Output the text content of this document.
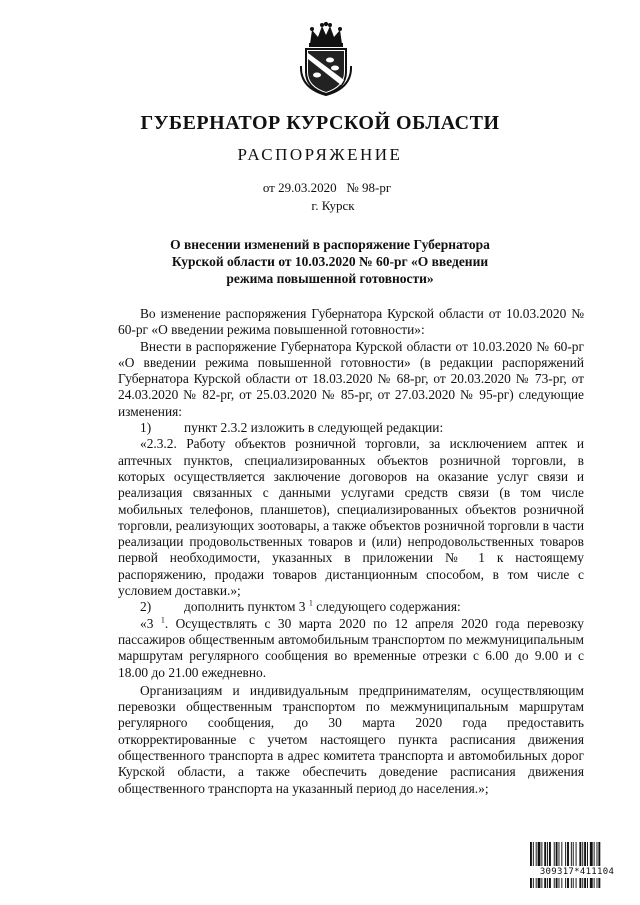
ГУБЕРНАТОР КУРСКОЙ ОБЛАСТИ
РАСПОРЯЖЕНИЕ
от 29.03.2020   № 98-рг
г. Курск
О внесении изменений в распоряжение Губернатора
Курской области от 10.03.2020 № 60-рг «О введении
режима повышенной готовности»

Во изменение распоряжения Губернатора Курской области от 10.03.2020 № 60-рг «О введении режима повышенной готовности»:

Внести в распоряжение Губернатора Курской области от 10.03.2020 № 60-рг «О введении режима повышенной готовности» (в редакции распоряжений Губернатора Курской области от 18.03.2020 № 68-рг, от 20.03.2020 № 73-рг, от 24.03.2020 № 82-рг, от 25.03.2020 № 85-рг, от 27.03.2020 № 95-рг) следующие изменения:

1) пункт 2.3.2 изложить в следующей редакции:

«2.3.2. Работу объектов розничной торговли, за исключением аптек и аптечных пунктов, специализированных объектов розничной торговли, в которых осуществляется заключение договоров на оказание услуг связи и реализация связанных с данными услугами средств связи (в том числе мобильных телефонов, планшетов), специализированных объектов розничной торговли, реализующих зоотовары, а также объектов розничной торговли в части реализации продовольственных товаров и (или) непродовольственных товаров первой необходимости, указанных в приложении № 1 к настоящему распоряжению, продажи товаров дистанционным способом, в том числе с условием доставки.»;

2) дополнить пунктом 3 $^1$ следующего содержания:

«3 $^1$. Осуществлять с 30 марта 2020 по 12 апреля 2020 года перевозку пассажиров общественным автомобильным транспортом по межмуниципальным маршрутам регулярного сообщения во временные отрезки с 6.00 до 9.00 и с 18.00 до 21.00 ежедневно.

Организациям и индивидуальным предпринимателям, осуществляющим перевозки общественным транспортом по межмуниципальным маршрутам регулярного сообщения, до 30 марта 2020 года предоставить откорректированные с учетом настоящего пункта расписания движения общественного транспорта в адрес комитета транспорта и автомобильных дорог Курской области, а также обеспечить доведение расписания движения общественного транспорта на указанный период до населения.»;

309317*411104
